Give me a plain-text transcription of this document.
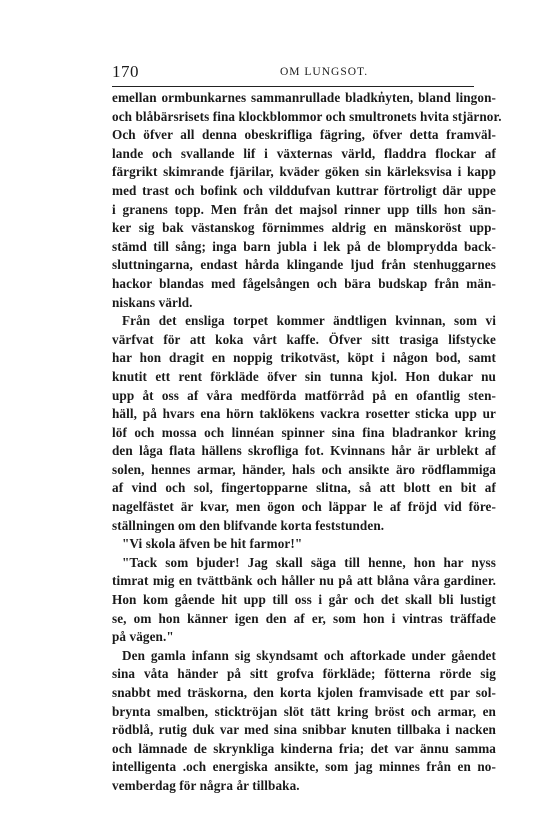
170	OM LUNGSOT.
emellan ormbunkarnes sammanrullade bladkn̓yten, bland lingon-
och blåbärsrisets fina klockblommor och smultronets hvita stjärnor.
Och öfver all denna obeskrifliga fägring, öfver detta framväl-
lande och svallande lif i växternas värld, fladdra flockar af
färgrikt skimrande fjärilar, kväder göken sin kärleksvisa i kapp
med trast och bofink och vilddufvan kuttrar förtroligt där uppe
i granens topp. Men från det majsol rinner upp tills hon sän-
ker sig bak västanskog förnimmes aldrig en mänskoröst upp-
stämd till sång; inga barn jubla i lek på de blomprydda back-
sluttningarna, endast hårda klingande ljud från stenhuggarnes
hackor blandas med fågelsången och bära budskap från män-
niskans värld.
Från det ensliga torpet kommer ändtligen kvinnan, som vi
värfvat för att koka vårt kaffe. Öfver sitt trasiga lifstycke
har hon dragit en noppig trikotväst, köpt i någon bod, samt
knutit ett rent förkläde öfver sin tunna kjol. Hon dukar nu
upp åt oss af våra medförda matförråd på en ofantlig sten-
häll, på hvars ena hörn taklökens vackra rosetter sticka upp ur
löf och mossa och linnéan spinner sina fina bladrankor kring
den låga flata hällens skrofliga fot. Kvinnans hår är urblekt af
solen, hennes armar, händer, hals och ansikte äro rödflammiga
af vind och sol, fingertopparne slitna, så att blott en bit af
nagelfästet är kvar, men ögon och läppar le af fröjd vid före-
ställningen om den blifvande korta feststunden.
"Vi skola äfven be hit farmor!"
"Tack som bjuder! Jag skall säga till henne, hon har nyss
timrat mig en tvättbänk och håller nu på att blåna våra gardiner.
Hon kom gående hit upp till oss i går och det skall bli lustigt
se, om hon känner igen den af er, som hon i vintras träffade
på vägen."
Den gamla infann sig skyndsamt och aftorkade under gåendet
sina våta händer på sitt grofva förkläde; fötterna rörde sig
snabbt med träskorna, den korta kjolen framvisade ett par sol-
brynta smalben, sticktröjan slöt tätt kring bröst och armar, en
rödblå, rutig duk var med sina snibbar knuten tillbaka i nacken
och lämnade de skrynkliga kinderna fria; det var ännu samma
intelligenta .och energiska ansikte, som jag minnes från en no-
vemberdag för några år tillbaka.
